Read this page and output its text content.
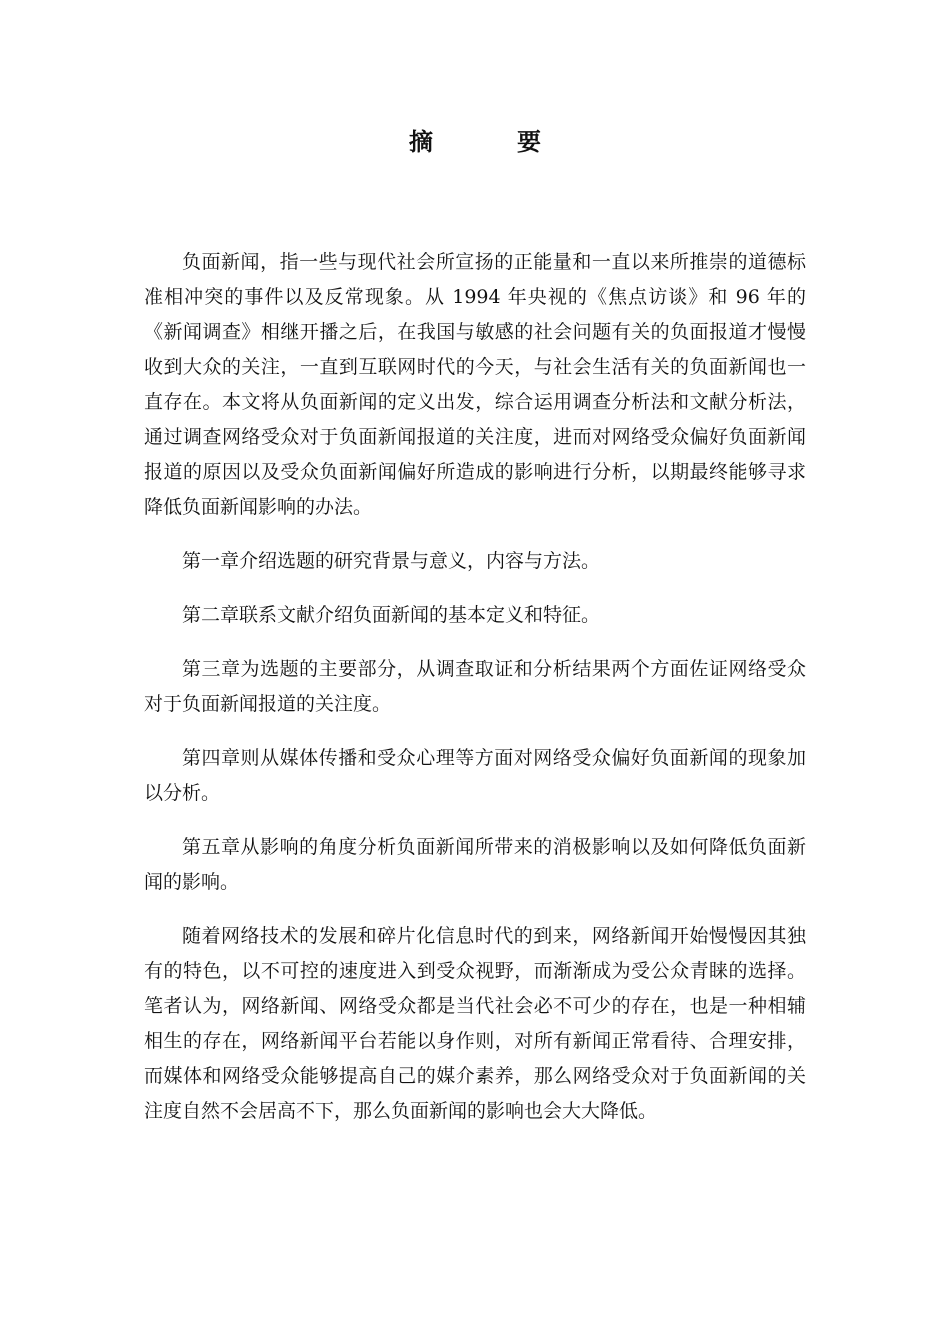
摘　要

负面新闻，指一些与现代社会所宣扬的正能量和一直以来所推崇的道德标准相冲突的事件以及反常现象。从 1994 年央视的《焦点访谈》和 96 年的《新闻调查》相继开播之后，在我国与敏感的社会问题有关的负面报道才慢慢收到大众的关注，一直到互联网时代的今天，与社会生活有关的负面新闻也一直存在。本文将从负面新闻的定义出发，综合运用调查分析法和文献分析法，通过调查网络受众对于负面新闻报道的关注度，进而对网络受众偏好负面新闻报道的原因以及受众负面新闻偏好所造成的影响进行分析，以期最终能够寻求降低负面新闻影响的办法。

第一章介绍选题的研究背景与意义，内容与方法。

第二章联系文献介绍负面新闻的基本定义和特征。

第三章为选题的主要部分，从调查取证和分析结果两个方面佐证网络受众对于负面新闻报道的关注度。

第四章则从媒体传播和受众心理等方面对网络受众偏好负面新闻的现象加以分析。

第五章从影响的角度分析负面新闻所带来的消极影响以及如何降低负面新闻的影响。

随着网络技术的发展和碎片化信息时代的到来，网络新闻开始慢慢因其独有的特色，以不可控的速度进入到受众视野，而渐渐成为受公众青睐的选择。笔者认为，网络新闻、网络受众都是当代社会必不可少的存在，也是一种相辅相生的存在，网络新闻平台若能以身作则，对所有新闻正常看待、合理安排，而媒体和网络受众能够提高自己的媒介素养，那么网络受众对于负面新闻的关注度自然不会居高不下，那么负面新闻的影响也会大大降低。
